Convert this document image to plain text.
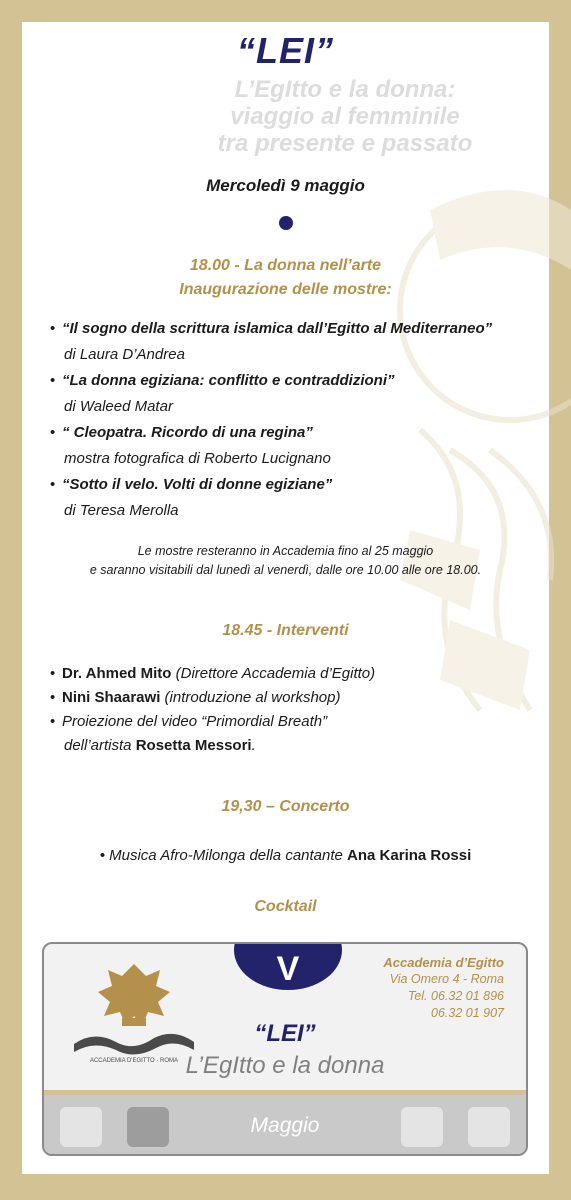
“LEI”
L’EgItto e la donna:
viaggio al femminile
tra presente e passato
Mercoledì 9 maggio
18.00 - La donna nell’arte
Inaugurazione delle mostre:

• “Il sogno della scrittura islamica dall’Egitto al Mediterraneo”
di Laura D’Andrea

• “La donna egiziana: conflitto e contraddizioni”
di Waleed Matar

• “ Cleopatra. Ricordo di una regina”
mostra fotografica di Roberto Lucignano

• “Sotto il velo. Volti di donne egiziane”
di Teresa Merolla

Le mostre resteranno in Accademia fino al 25 maggio
e saranno visitabili dal lunedì al venerdì, dalle ore 10.00 alle ore 18.00.
18.45 - Interventi

• Dr. Ahmed Mito (Direttore Accademia d’Egitto)

• Nini Shaarawi (introduzione al workshop)

• Proiezione del video “Primordial Breath”
dell’artista Rosetta Messori.

19,30 – Concerto
• Musica Afro-Milonga della cantante Ana Karina Rossi
Cocktail
V
ACCADEMIA D'EGITTO · ROMA
Accademia d’Egitto
Via Omero 4 - Roma
Tel. 06.32 01 896
06.32 01 907
“LEI”
L’EgItto e la donna
Maggio
